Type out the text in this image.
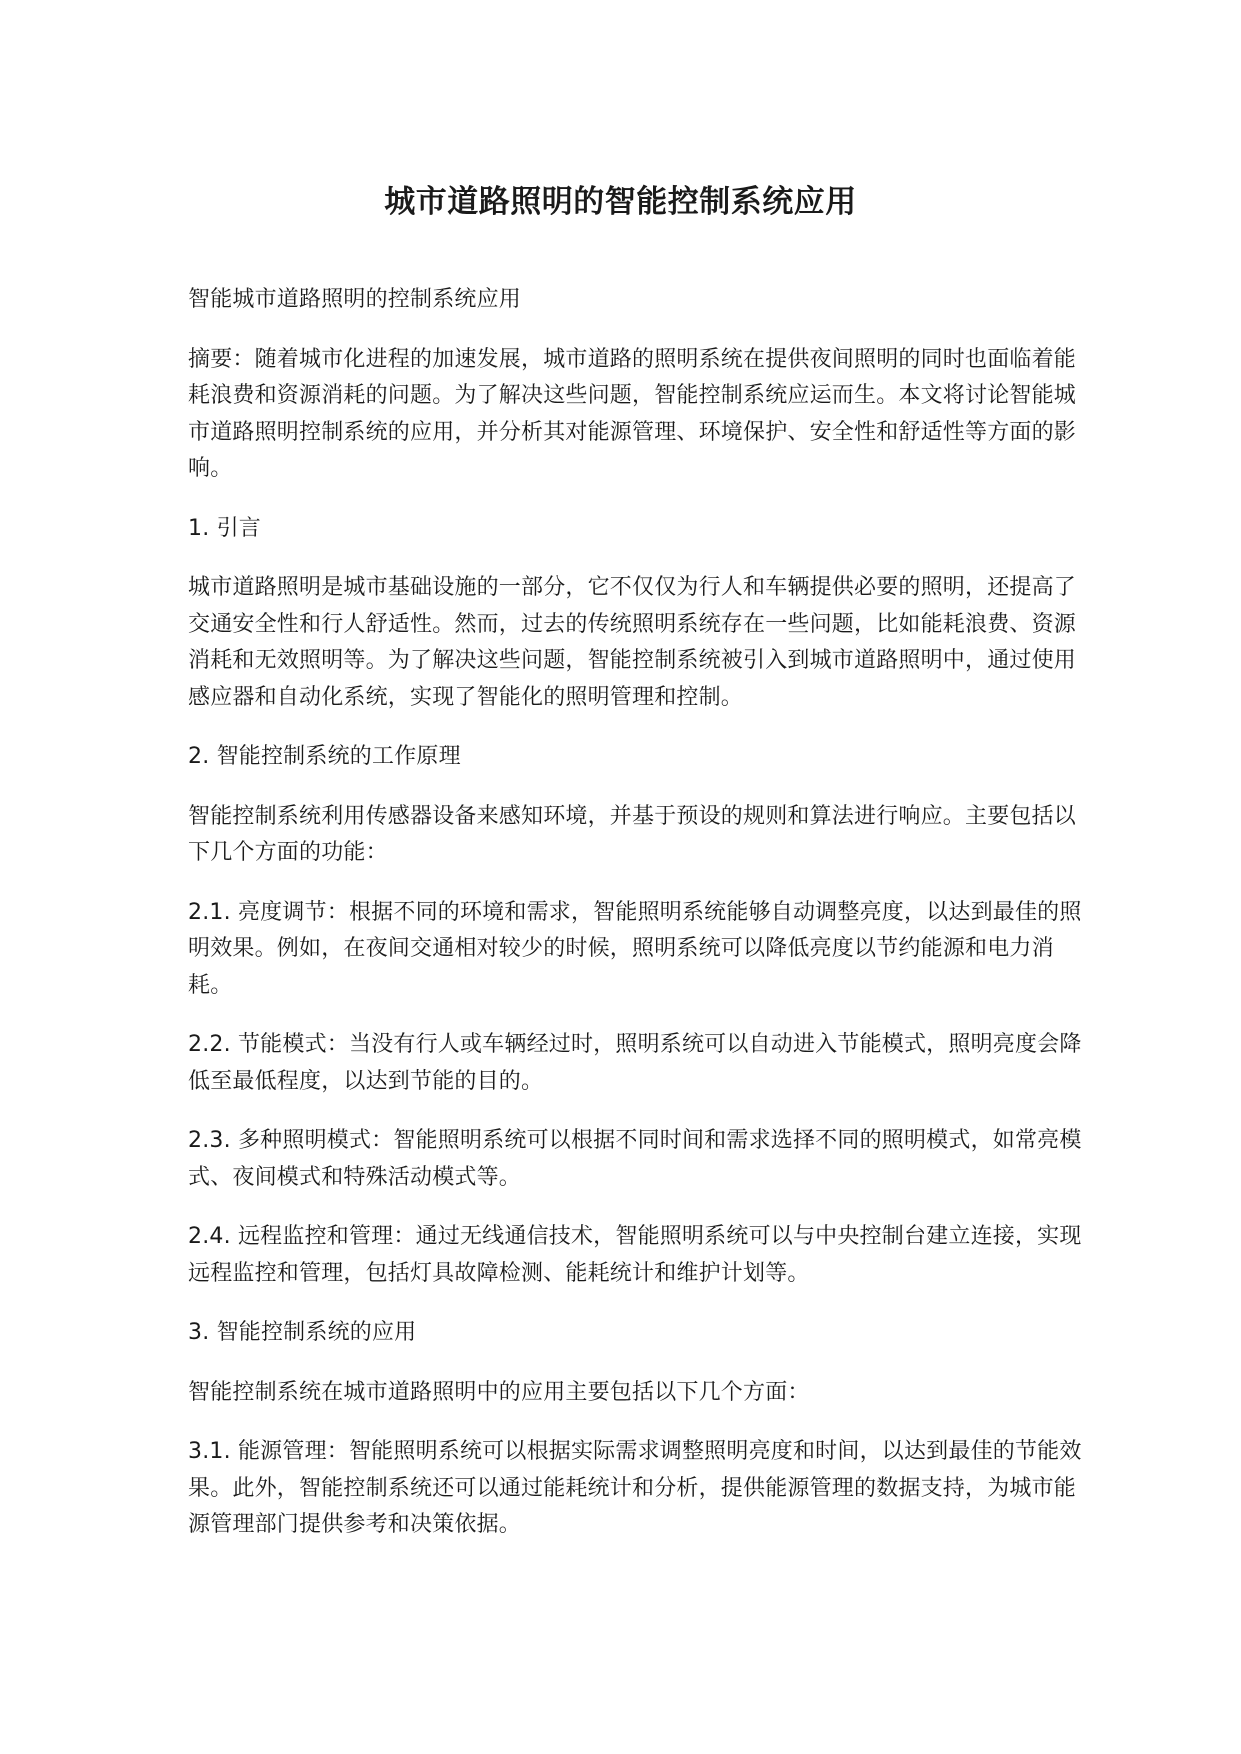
城市道路照明的智能控制系统应用

智能城市道路照明的控制系统应用

摘要：随着城市化进程的加速发展，城市道路的照明系统在提供夜间照明的同时也面临着能耗浪费和资源消耗的问题。为了解决这些问题，智能控制系统应运而生。本文将讨论智能城市道路照明控制系统的应用，并分析其对能源管理、环境保护、安全性和舒适性等方面的影响。

1. 引言

城市道路照明是城市基础设施的一部分，它不仅仅为行人和车辆提供必要的照明，还提高了交通安全性和行人舒适性。然而，过去的传统照明系统存在一些问题，比如能耗浪费、资源消耗和无效照明等。为了解决这些问题，智能控制系统被引入到城市道路照明中，通过使用感应器和自动化系统，实现了智能化的照明管理和控制。

2. 智能控制系统的工作原理

智能控制系统利用传感器设备来感知环境，并基于预设的规则和算法进行响应。主要包括以下几个方面的功能：

2.1. 亮度调节：根据不同的环境和需求，智能照明系统能够自动调整亮度，以达到最佳的照明效果。例如，在夜间交通相对较少的时候，照明系统可以降低亮度以节约能源和电力消耗。

2.2. 节能模式：当没有行人或车辆经过时，照明系统可以自动进入节能模式，照明亮度会降低至最低程度，以达到节能的目的。

2.3. 多种照明模式：智能照明系统可以根据不同时间和需求选择不同的照明模式，如常亮模式、夜间模式和特殊活动模式等。

2.4. 远程监控和管理：通过无线通信技术，智能照明系统可以与中央控制台建立连接，实现远程监控和管理，包括灯具故障检测、能耗统计和维护计划等。

3. 智能控制系统的应用

智能控制系统在城市道路照明中的应用主要包括以下几个方面：

3.1. 能源管理：智能照明系统可以根据实际需求调整照明亮度和时间，以达到最佳的节能效果。此外，智能控制系统还可以通过能耗统计和分析，提供能源管理的数据支持，为城市能源管理部门提供参考和决策依据。
